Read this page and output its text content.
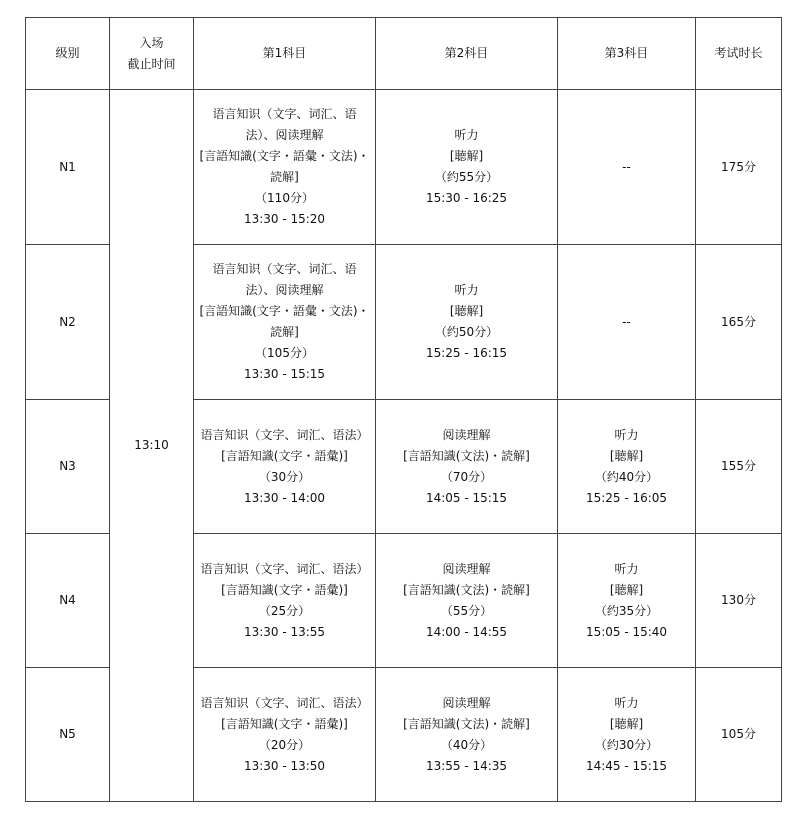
级别	入场
截止时间	第1科目	第2科目	第3科目	考试时长
N1	13:10	语言知识（文字、词汇、语法）、阅读理解
[言語知識(文字・語彙・文法)・読解]
（110分）
13:30 - 15:20	听力
[聴解]
（约55分）
15:30 - 16:25	--	175分
N2		语言知识（文字、词汇、语法）、阅读理解
[言語知識(文字・語彙・文法)・読解]
（105分）
13:30 - 15:15	听力
[聴解]
（约50分）
15:25 - 16:15	--	165分
N3		语言知识（文字、词汇、语法）
[言語知識(文字・語彙)]
（30分）
13:30 - 14:00	阅读理解
[言語知識(文法)・読解]
（70分）
14:05 - 15:15	听力
[聴解]
（约40分）
15:25 - 16:05	155分
N4		语言知识（文字、词汇、语法）
[言語知識(文字・語彙)]
（25分）
13:30 - 13:55	阅读理解
[言語知識(文法)・読解]
（55分）
14:00 - 14:55	听力
[聴解]
（约35分）
15:05 - 15:40	130分
N5		语言知识（文字、词汇、语法）
[言語知識(文字・語彙)]
（20分）
13:30 - 13:50	阅读理解
[言語知識(文法)・読解]
（40分）
13:55 - 14:35	听力
[聴解]
（约30分）
14:45 - 15:15	105分
